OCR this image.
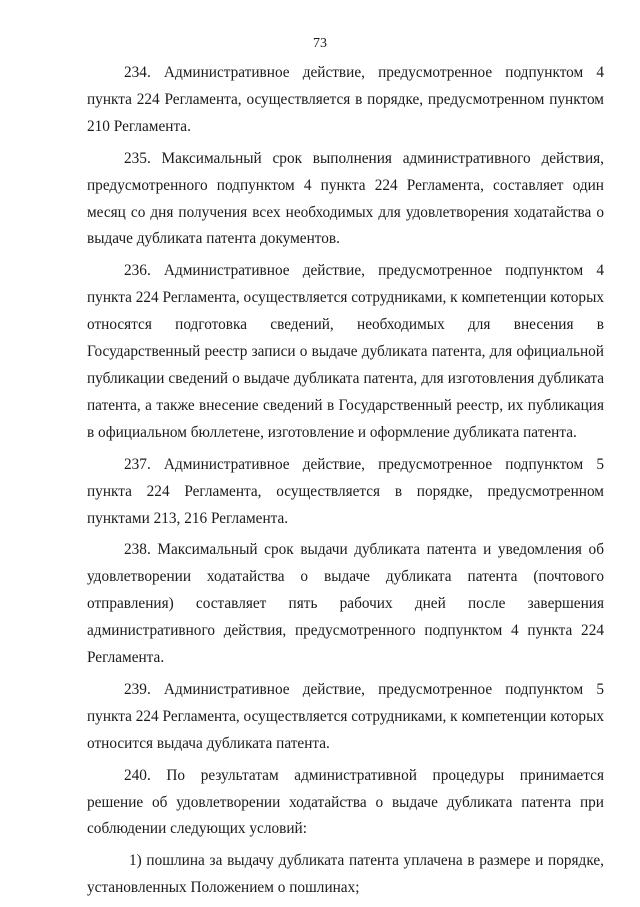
73

234. Административное действие, предусмотренное подпунктом 4 пункта 224 Регламента, осуществляется в порядке, предусмотренном пунктом 210 Регламента.

235. Максимальный срок выполнения административного действия, предусмотренного подпунктом 4 пункта 224 Регламента, составляет один месяц со дня получения всех необходимых для удовлетворения ходатайства о выдаче дубликата патента документов.

236. Административное действие, предусмотренное подпунктом 4 пункта 224 Регламента, осуществляется сотрудниками, к компетенции которых относятся подготовка сведений, необходимых для внесения в Государственный реестр записи о выдаче дубликата патента, для официальной публикации сведений о выдаче дубликата патента, для изготовления дубликата патента, а также внесение сведений в Государственный реестр, их публикация в официальном бюллетене, изготовление и оформление дубликата патента.

237. Административное действие, предусмотренное подпунктом 5 пункта 224 Регламента, осуществляется в порядке, предусмотренном пунктами 213, 216 Регламента.

238. Максимальный срок выдачи дубликата патента и уведомления об удовлетворении ходатайства о выдаче дубликата патента (почтового отправления) составляет пять рабочих дней после завершения административного действия, предусмотренного подпунктом 4 пункта 224 Регламента.

239. Административное действие, предусмотренное подпунктом 5 пункта 224 Регламента, осуществляется сотрудниками, к компетенции которых относится выдача дубликата патента.

240. По результатам административной процедуры принимается решение об удовлетворении ходатайства о выдаче дубликата патента при соблюдении следующих условий:

1) пошлина за выдачу дубликата патента уплачена в размере и порядке, установленных Положением о пошлинах;
